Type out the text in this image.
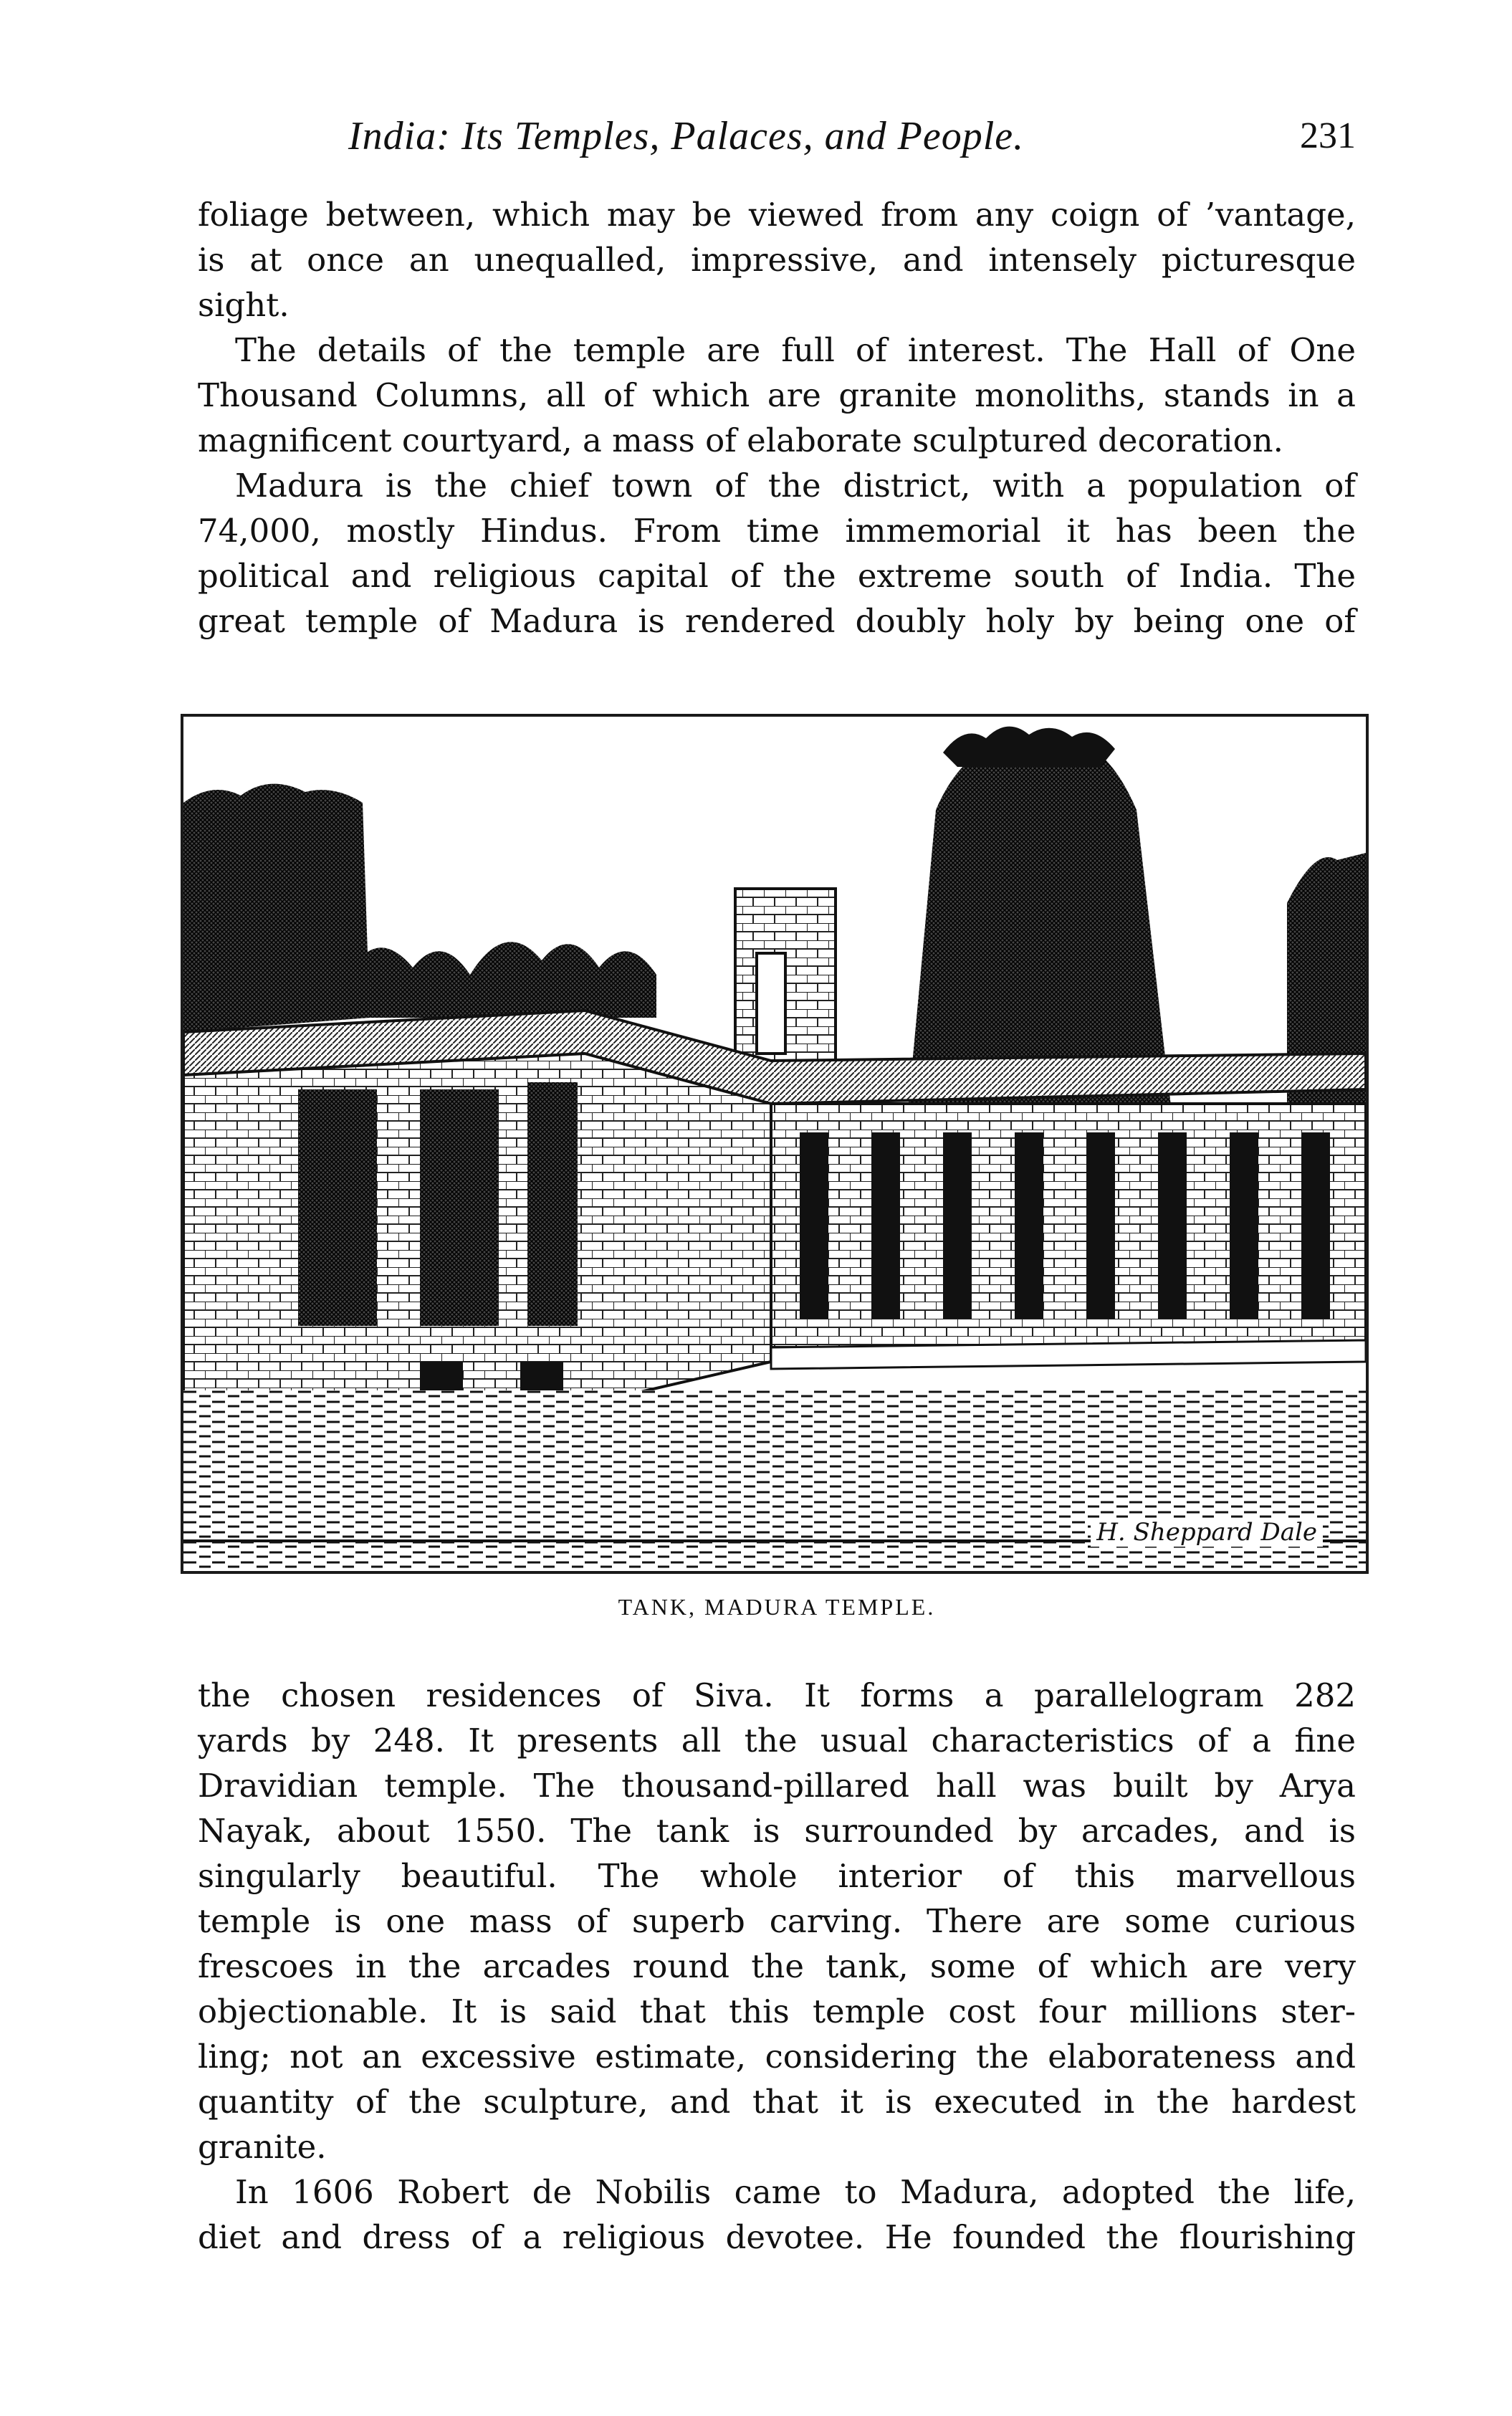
India: Its Temples, Palaces, and People.	231
foliage between, which may be viewed from any coign of ’vantage,
is at once an unequalled, impressive, and intensely picturesque
sight.
The details of the temple are full of interest. The Hall of One
Thousand Columns, all of which are granite monoliths, stands in a
magnificent courtyard, a mass of elaborate sculptured decoration.
Madura is the chief town of the district, with a population of
74,000, mostly Hindus. From time immemorial it has been the
political and religious capital of the extreme south of India. The
great temple of Madura is rendered doubly holy by being one of
H. Sheppard Dale
TANK, MADURA TEMPLE.
the chosen residences of Siva. It forms a parallelogram 282
yards by 248. It presents all the usual characteristics of a fine
Dravidian temple. The thousand-pillared hall was built by Arya
Nayak, about 1550. The tank is surrounded by arcades, and is
singularly beautiful. The whole interior of this marvellous
temple is one mass of superb carving. There are some curious
frescoes in the arcades round the tank, some of which are very
objectionable. It is said that this temple cost four millions ster-
ling; not an excessive estimate, considering the elaborateness and
quantity of the sculpture, and that it is executed in the hardest
granite.
In 1606 Robert de Nobilis came to Madura, adopted the life,
diet and dress of a religious devotee. He founded the flourishing
